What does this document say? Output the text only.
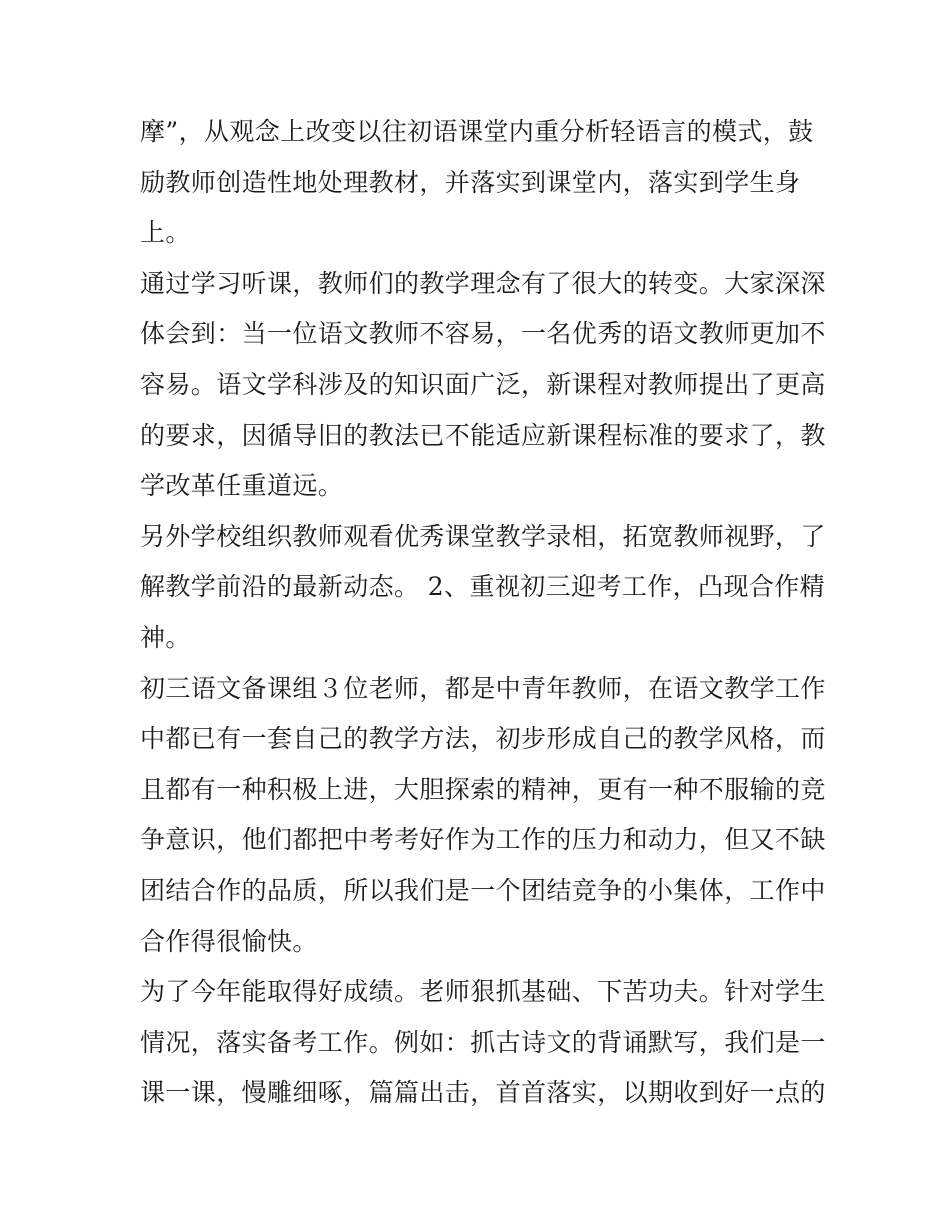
摩”，从观念上改变以往初语课堂内重分析轻语言的模式，鼓
励教师创造性地处理教材，并落实到课堂内，落实到学生身
上。
通过学习听课，教师们的教学理念有了很大的转变。大家深深
体会到：当一位语文教师不容易，一名优秀的语文教师更加不
容易。语文学科涉及的知识面广泛，新课程对教师提出了更高
的要求，因循导旧的教法已不能适应新课程标准的要求了，教
学改革任重道远。
另外学校组织教师观看优秀课堂教学录相，拓宽教师视野，了
解教学前沿的最新动态。 2、重视初三迎考工作，凸现合作精
神。
初三语文备课组３位老师，都是中青年教师，在语文教学工作
中都已有一套自己的教学方法，初步形成自己的教学风格，而
且都有一种积极上进，大胆探索的精神，更有一种不服输的竞
争意识，他们都把中考考好作为工作的压力和动力，但又不缺
团结合作的品质，所以我们是一个团结竞争的小集体，工作中
合作得很愉快。
为了今年能取得好成绩。老师狠抓基础、下苦功夫。针对学生
情况，落实备考工作。例如：抓古诗文的背诵默写，我们是一
课一课，慢雕细啄，篇篇出击，首首落实，以期收到好一点的
